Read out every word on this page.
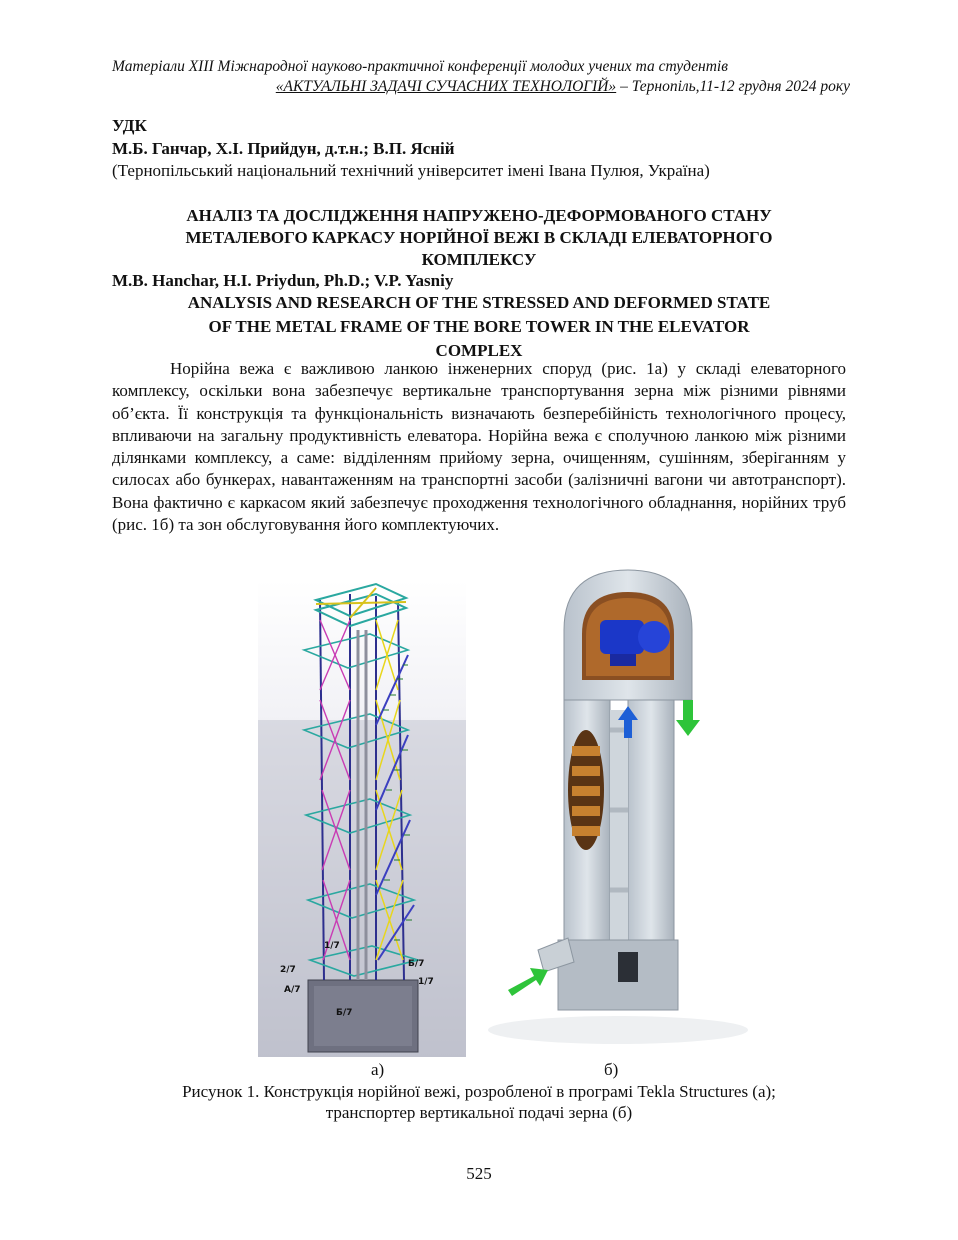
Матеріали XIII Міжнародної науково-практичної конференції молодих учених та студентів
«АКТУАЛЬНІ ЗАДАЧІ СУЧАСНИХ ТЕХНОЛОГІЙ» – Тернопіль,11-12 грудня 2024 року
УДК
М.Б. Ганчар, Х.І. Прийдун, д.т.н.; В.П. Ясній
(Тернопільський національний технічний університет імені Івана Пулюя, Україна)
АНАЛІЗ ТА ДОСЛІДЖЕННЯ НАПРУЖЕНО-ДЕФОРМОВАНОГО СТАНУ
МЕТАЛЕВОГО КАРКАСУ НОРІЙНОЇ ВЕЖІ В СКЛАДІ ЕЛЕВАТОРНОГО
КОМПЛЕКСУ
M.B. Hanchar, H.I. Priydun, Ph.D.; V.P. Yasniy
ANALYSIS AND RESEARCH OF THE STRESSED AND DEFORMED STATE
OF THE METAL FRAME OF THE BORE TOWER IN THE ELEVATOR
COMPLEX

Норійна вежа є важливою ланкою інженерних споруд (рис. 1а) у складі елеваторного комплексу, оскільки вона забезпечує вертикальне транспортування зерна між різними рівнями об’єкта. Її конструкція та функціональність визначають безперебійність технологічного процесу, впливаючи на загальну продуктивність елеватора. Норійна вежа є сполучною ланкою між різними ділянками комплексу, а саме: відділенням прийому зерна, очищенням, сушінням, зберіганням у силосах або бункерах, навантаженням на транспортні засоби (залізничні вагони чи автотранспорт). Вона фактично є каркасом який забезпечує проходження технологічного обладнання, норійних труб (рис. 1б) та зон обслуговування його комплектуючих.

1/7
2/7
Б/7
А/7
1/7
Б/7
а)	б)
Рисунок 1. Конструкція норійної вежі, розробленої в програмі Tekla Structures (а);
транспортер вертикальної подачі зерна (б)
525
